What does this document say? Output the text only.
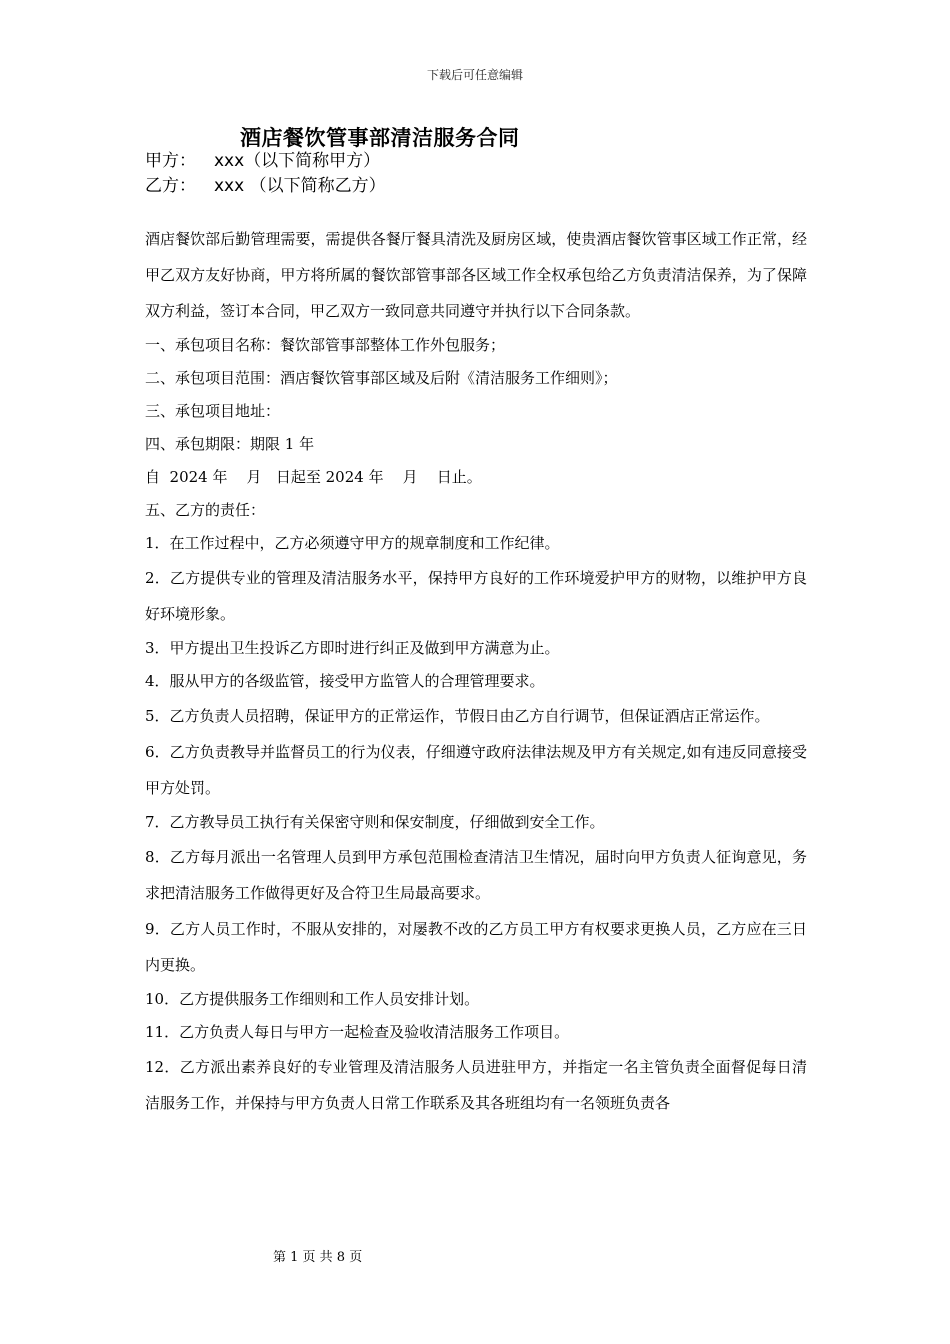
下载后可任意编辑
酒店餐饮管事部清洁服务合同
甲方： xxx（以下简称甲方）
乙方： xxx （以下简称乙方）

酒店餐饮部后勤管理需要，需提供各餐厅餐具清洗及厨房区域，使贵酒店餐饮管事区域工作正常，经甲乙双方友好协商，甲方将所属的餐饮部管事部各区域工作全权承包给乙方负责清洁保养，为了保障双方利益，签订本合同，甲乙双方一致同意共同遵守并执行以下合同条款。

一、承包项目名称：餐饮部管事部整体工作外包服务；

二、承包项目范围：酒店餐饮管事部区域及后附《清洁服务工作细则》；

三、承包项目地址：

四、承包期限：期限 1 年

自  2024 年    月   日起至 2024 年    月    日止。

五、乙方的责任：

1．在工作过程中，乙方必须遵守甲方的规章制度和工作纪律。

2．乙方提供专业的管理及清洁服务水平，保持甲方良好的工作环境爱护甲方的财物，以维护甲方良好环境形象。

3．甲方提出卫生投诉乙方即时进行纠正及做到甲方满意为止。

4．服从甲方的各级监管，接受甲方监管人的合理管理要求。

5．乙方负责人员招聘，保证甲方的正常运作，节假日由乙方自行调节，但保证酒店正常运作。

6．乙方负责教导并监督员工的行为仪表，仔细遵守政府法律法规及甲方有关规定,如有违反同意接受甲方处罚。

7．乙方教导员工执行有关保密守则和保安制度，仔细做到安全工作。

8．乙方每月派出一名管理人员到甲方承包范围检查清洁卫生情况，届时向甲方负责人征询意见，务求把清洁服务工作做得更好及合符卫生局最高要求。

9．乙方人员工作时，不服从安排的，对屡教不改的乙方员工甲方有权要求更换人员，乙方应在三日内更换。

10．乙方提供服务工作细则和工作人员安排计划。

11．乙方负责人每日与甲方一起检查及验收清洁服务工作项目。

12．乙方派出素养良好的专业管理及清洁服务人员进驻甲方，并指定一名主管负责全面督促每日清洁服务工作，并保持与甲方负责人日常工作联系及其各班组均有一名领班负责各

第 1 页 共 8 页
